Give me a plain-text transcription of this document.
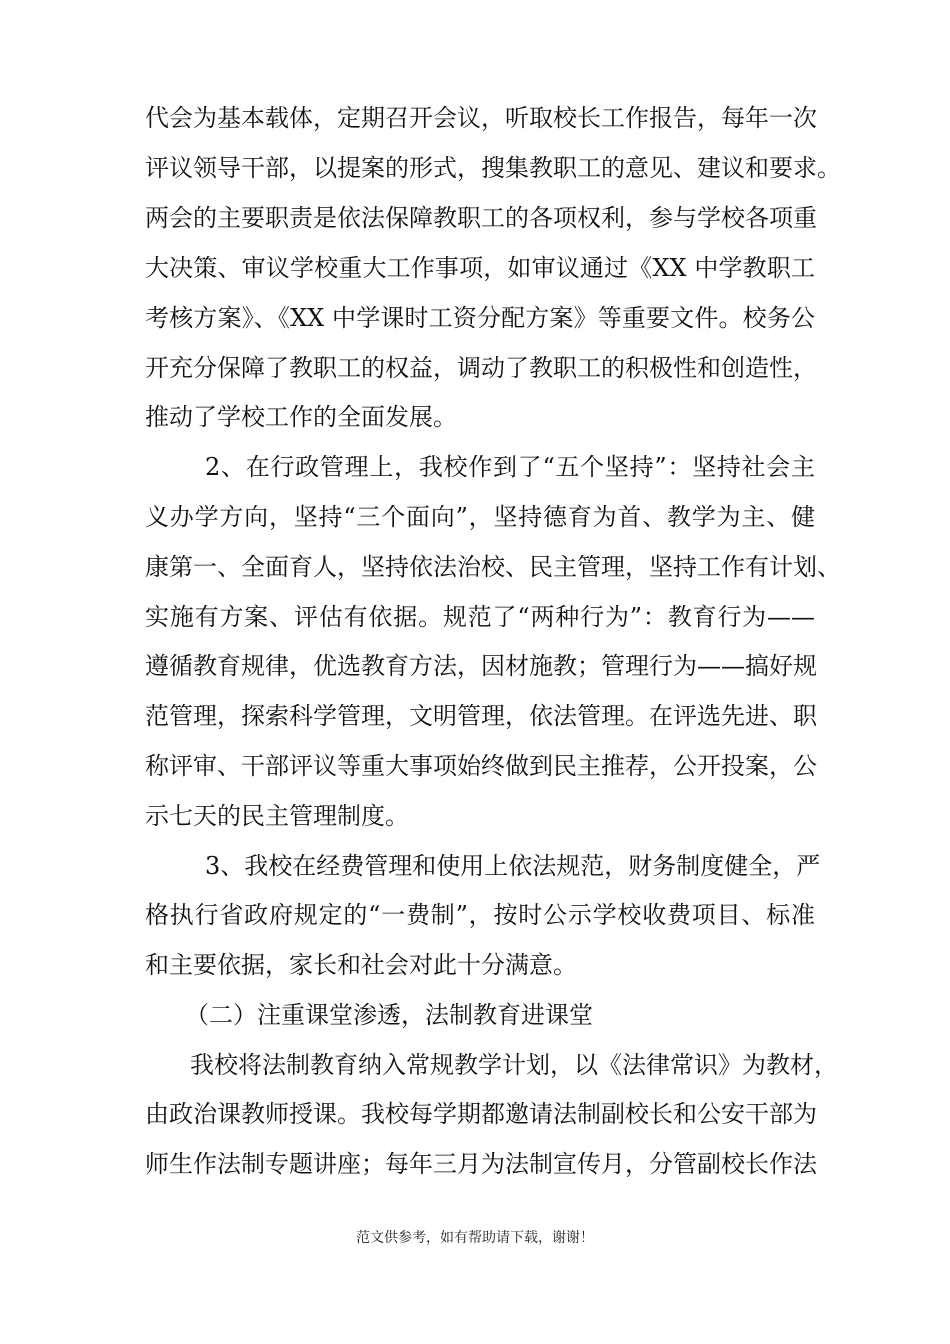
代会为基本载体，定期召开会议，听取校长工作报告，每年一次
评议领导干部，以提案的形式，搜集教职工的意见、建议和要求。
两会的主要职责是依法保障教职工的各项权利，参与学校各项重
大决策、审议学校重大工作事项，如审议通过《XX 中学教职工
考核方案》、《XX 中学课时工资分配方案》等重要文件。校务公
开充分保障了教职工的权益，调动了教职工的积极性和创造性，
推动了学校工作的全面发展。
2、在行政管理上，我校作到了“五个坚持”：坚持社会主
义办学方向，坚持“三个面向”，坚持德育为首、教学为主、健
康第一、全面育人，坚持依法治校、民主管理，坚持工作有计划、
实施有方案、评估有依据。规范了“两种行为”：教育行为——
遵循教育规律，优选教育方法，因材施教；管理行为——搞好规
范管理，探索科学管理，文明管理，依法管理。在评选先进、职
称评审、干部评议等重大事项始终做到民主推荐，公开投案，公
示七天的民主管理制度。
3、我校在经费管理和使用上依法规范，财务制度健全，严
格执行省政府规定的“一费制”，按时公示学校收费项目、标准
和主要依据，家长和社会对此十分满意。
（二）注重课堂渗透，法制教育进课堂
我校将法制教育纳入常规教学计划，以《法律常识》为教材，
由政治课教师授课。我校每学期都邀请法制副校长和公安干部为
师生作法制专题讲座；每年三月为法制宣传月，分管副校长作法
范文供参考，如有帮助请下载，谢谢！
